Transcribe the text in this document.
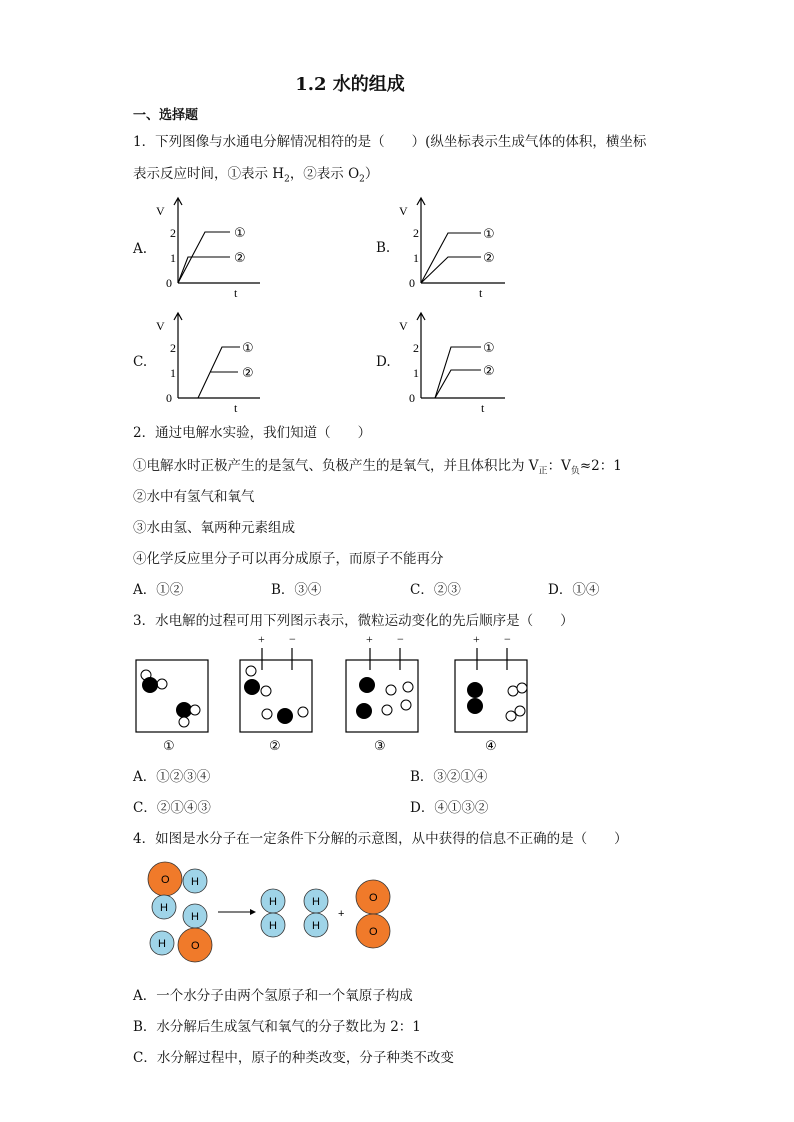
1.2 水的组成
一、选择题
1．下列图像与水通电分解情况相符的是（　　）(纵坐标表示生成气体的体积，横坐标
表示反应时间，①表示 $H_2$，②表示 $O_2$）
A.	B.
C.	D.
V
t
0
1
2	①
②
V
t
0
1
2	①
②
V
t
0
1
2	①
②
V
t
0
1
2	①
②
2．通过电解水实验，我们知道（　　）
①电解水时正极产生的是氢气、负极产生的是氧气，并且体积比为 $V_正$：$V_负\approx 2$：1
②水中有氢气和氧气
③水由氢、氧两种元素组成
④化学反应里分子可以再分成原子，而原子不能再分
A．①②	B．③④	C．②③	D．①④
3．水电解的过程可用下列图示表示，微粒运动变化的先后顺序是（　　）
①
+ −
②
+ −
③
+ −
④
A．①②③④	B．③②①④
C．②①④③	D．④①③②
4．如图是水分子在一定条件下分解的示意图，从中获得的信息不正确的是（　　）
O H
H
H
H O
H
H
H
H
+
O
O
A．一个水分子由两个氢原子和一个氧原子构成
B．水分解后生成氢气和氧气的分子数比为 2：1
C．水分解过程中，原子的种类改变，分子种类不改变
